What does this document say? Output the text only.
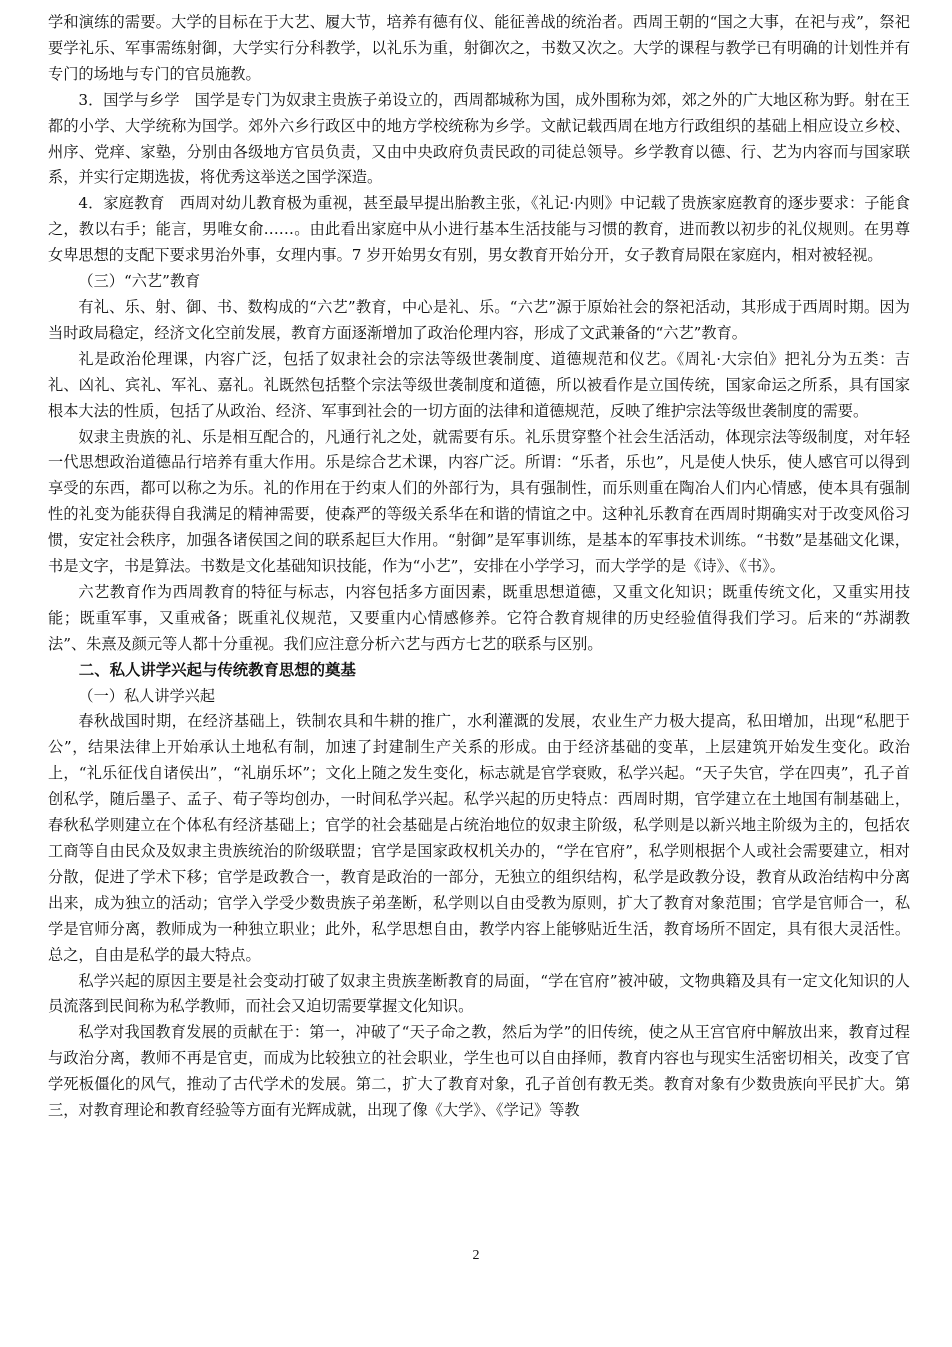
学和演练的需要。大学的目标在于大艺、履大节，培养有德有仪、能征善战的统治者。西周王朝的“国之大事，在祀与戎”，祭祀要学礼乐、军事需练射御，大学实行分科教学，以礼乐为重，射御次之，书数又次之。大学的课程与教学已有明确的计划性并有专门的场地与专门的官员施教。

3．国学与乡学　国学是专门为奴隶主贵族子弟设立的，西周都城称为国，成外围称为郊，郊之外的广大地区称为野。射在王都的小学、大学统称为国学。郊外六乡行政区中的地方学校统称为乡学。文献记载西周在地方行政组织的基础上相应设立乡校、州序、党痒、家塾，分别由各级地方官员负责，又由中央政府负责民政的司徒总领导。乡学教育以德、行、艺为内容而与国家联系，并实行定期选拔，将优秀这举送之国学深造。

4．家庭教育　西周对幼儿教育极为重视，甚至最早提出胎教主张，《礼记·内则》中记载了贵族家庭教育的逐步要求：子能食之，教以右手；能言，男唯女俞……。由此看出家庭中从小进行基本生活技能与习惯的教育，进而教以初步的礼仪规则。在男尊女卑思想的支配下要求男治外事，女理内事。7 岁开始男女有别，男女教育开始分开，女子教育局限在家庭内，相对被轻视。

（三）“六艺”教育

有礼、乐、射、御、书、数构成的“六艺”教育，中心是礼、乐。“六艺”源于原始社会的祭祀活动，其形成于西周时期。因为当时政局稳定，经济文化空前发展，教育方面逐渐增加了政治伦理内容，形成了文武兼备的“六艺”教育。

礼是政治伦理课，内容广泛，包括了奴隶社会的宗法等级世袭制度、道德规范和仪艺。《周礼·大宗伯》把礼分为五类：吉礼、凶礼、宾礼、军礼、嘉礼。礼既然包括整个宗法等级世袭制度和道德，所以被看作是立国传统，国家命运之所系，具有国家根本大法的性质，包括了从政治、经济、军事到社会的一切方面的法律和道德规范，反映了维护宗法等级世袭制度的需要。

奴隶主贵族的礼、乐是相互配合的，凡通行礼之处，就需要有乐。礼乐贯穿整个社会生活活动，体现宗法等级制度，对年轻一代思想政治道德品行培养有重大作用。乐是综合艺术课，内容广泛。所谓：“乐者，乐也”，凡是使人快乐，使人感官可以得到享受的东西，都可以称之为乐。礼的作用在于约束人们的外部行为，具有强制性，而乐则重在陶冶人们内心情感，使本具有强制性的礼变为能获得自我满足的精神需要，使森严的等级关系华在和谐的情谊之中。这种礼乐教育在西周时期确实对于改变风俗习惯，安定社会秩序，加强各诸侯国之间的联系起巨大作用。“射御”是军事训练，是基本的军事技术训练。“书数”是基础文化课，书是文字，书是算法。书数是文化基础知识技能，作为“小艺”，安排在小学学习，而大学学的是《诗》、《书》。

六艺教育作为西周教育的特征与标志，内容包括多方面因素，既重思想道德，又重文化知识；既重传统文化，又重实用技能；既重军事，又重戒备；既重礼仪规范，又要重内心情感修养。它符合教育规律的历史经验值得我们学习。后来的“苏湖教法”、朱熹及颜元等人都十分重视。我们应注意分析六艺与西方七艺的联系与区别。

二、私人讲学兴起与传统教育思想的奠基

（一）私人讲学兴起

春秋战国时期，在经济基础上，铁制农具和牛耕的推广，水利灌溉的发展，农业生产力极大提高，私田增加，出现“私肥于公”，结果法律上开始承认土地私有制，加速了封建制生产关系的形成。由于经济基础的变革，上层建筑开始发生变化。政治上，“礼乐征伐自诸侯出”，“礼崩乐坏”；文化上随之发生变化，标志就是官学衰败，私学兴起。“天子失官，学在四夷”，孔子首创私学，随后墨子、孟子、荀子等均创办，一时间私学兴起。私学兴起的历史特点：西周时期，官学建立在土地国有制基础上，春秋私学则建立在个体私有经济基础上；官学的社会基础是占统治地位的奴隶主阶级，私学则是以新兴地主阶级为主的，包括农工商等自由民众及奴隶主贵族统治的阶级联盟；官学是国家政权机关办的，“学在官府”，私学则根据个人或社会需要建立，相对分散，促进了学术下移；官学是政教合一，教育是政治的一部分，无独立的组织结构，私学是政教分设，教育从政治结构中分离出来，成为独立的活动；官学入学受少数贵族子弟垄断，私学则以自由受教为原则，扩大了教育对象范围；官学是官师合一，私学是官师分离，教师成为一种独立职业；此外，私学思想自由，教学内容上能够贴近生活，教育场所不固定，具有很大灵活性。总之，自由是私学的最大特点。

私学兴起的原因主要是社会变动打破了奴隶主贵族垄断教育的局面，“学在官府”被冲破，文物典籍及具有一定文化知识的人员流落到民间称为私学教师，而社会又迫切需要掌握文化知识。

私学对我国教育发展的贡献在于：第一，冲破了“天子命之教，然后为学”的旧传统，使之从王宫官府中解放出来，教育过程与政治分离，教师不再是官吏，而成为比较独立的社会职业，学生也可以自由择师，教育内容也与现实生活密切相关，改变了官学死板僵化的风气，推动了古代学术的发展。第二，扩大了教育对象，孔子首创有教无类。教育对象有少数贵族向平民扩大。第三，对教育理论和教育经验等方面有光辉成就，出现了像《大学》、《学记》等教

2
